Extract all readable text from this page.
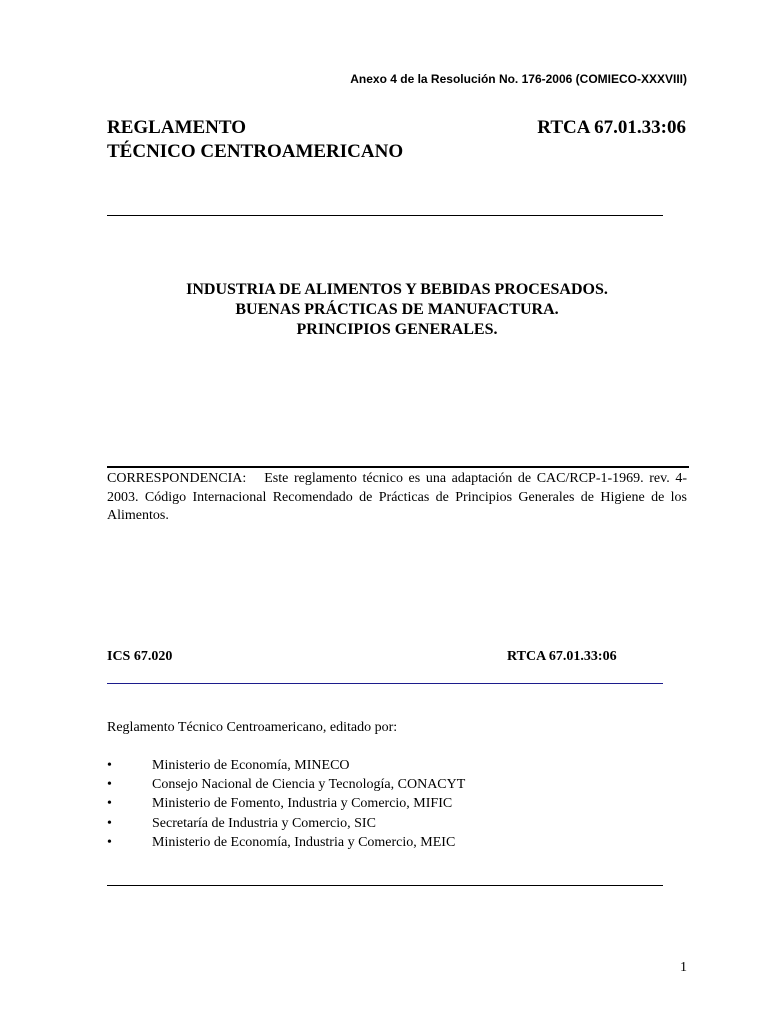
Anexo 4 de la Resolución No. 176-2006 (COMIECO-XXXVIII)
REGLAMENTO
TÉCNICO CENTROAMERICANO
RTCA 67.01.33:06
INDUSTRIA DE ALIMENTOS Y BEBIDAS PROCESADOS.
BUENAS PRÁCTICAS DE MANUFACTURA.
PRINCIPIOS GENERALES.
CORRESPONDENCIA: Este reglamento técnico es una adaptación de CAC/RCP-1-1969. rev. 4-2003. Código Internacional Recomendado de Prácticas de Principios Generales de Higiene de los Alimentos.
ICS 67.020	RTCA 67.01.33:06
Reglamento Técnico Centroamericano, editado por:
•	Ministerio de Economía, MINECO
•	Consejo Nacional de Ciencia y Tecnología, CONACYT
•	Ministerio de Fomento, Industria y Comercio, MIFIC
•	Secretaría de Industria y Comercio, SIC
•	Ministerio de Economía, Industria y Comercio, MEIC
1
